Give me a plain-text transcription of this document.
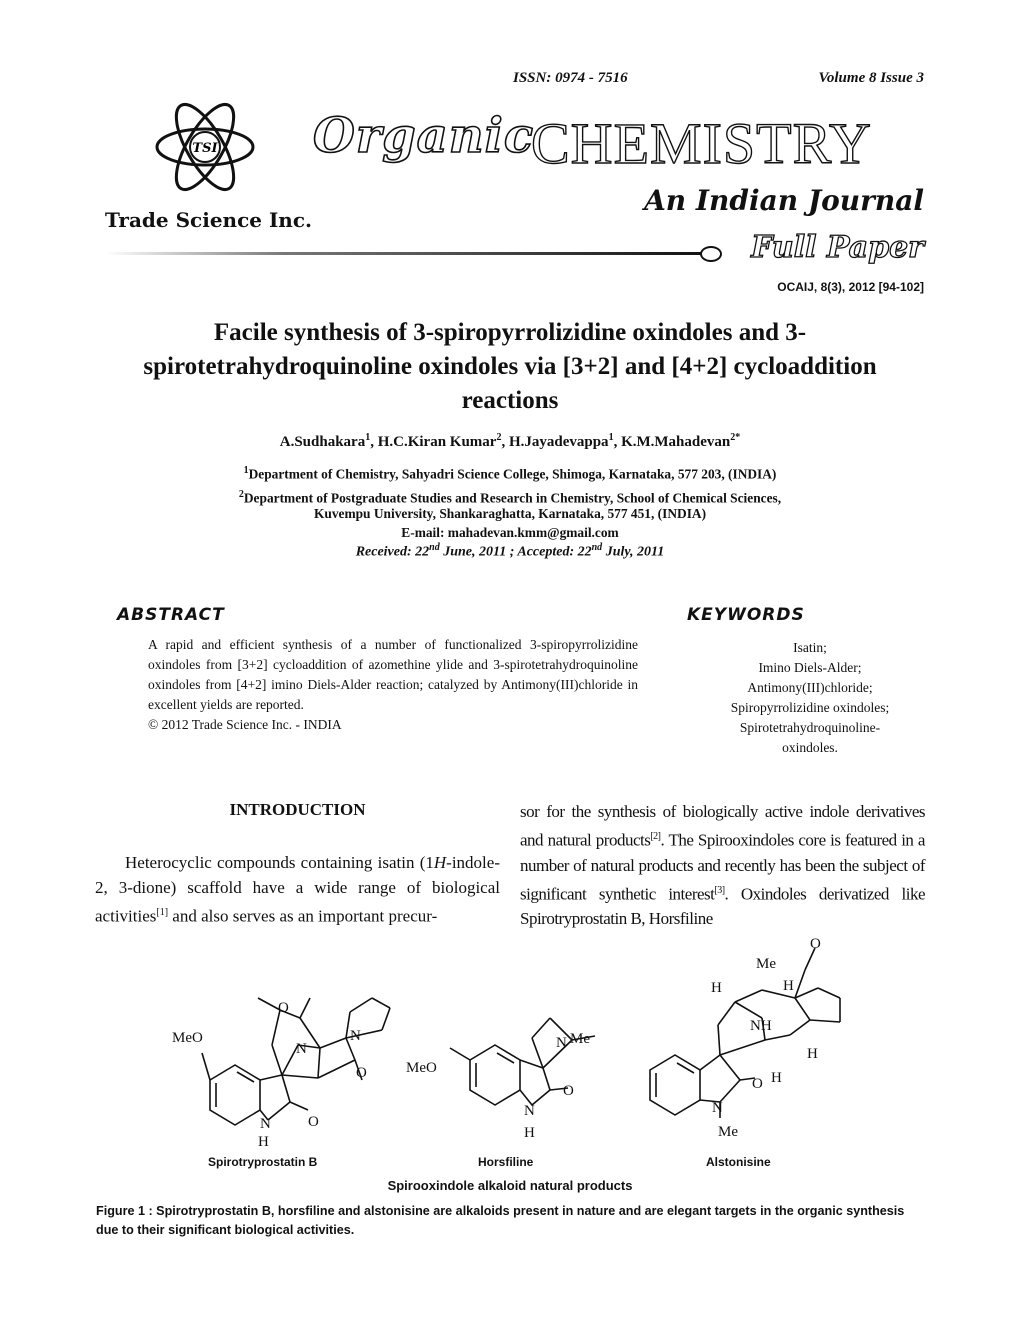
ISSN: 0974 - 7516	Volume 8 Issue 3
TSI Organic
CHEMISTRY
An Indian Journal
Trade Science Inc.
Full Paper
OCAIJ, 8(3), 2012 [94-102]
Facile synthesis of 3-spiropyrrolizidine oxindoles and 3-spirotetrahydroquinoline oxindoles via [3+2] and [4+2] cycloaddition reactions
A.Sudhakara$^1$, H.C.Kiran Kumar$^2$, H.Jayadevappa$^1$, K.M.Mahadevan$^{2*}$
$^1$Department of Chemistry, Sahyadri Science College, Shimoga, Karnataka, 577 203, (INDIA)
$^2$Department of Postgraduate Studies and Research in Chemistry, School of Chemical Sciences,
Kuvempu University, Shankaraghatta, Karnataka, 577 451, (INDIA)
E-mail: mahadevan.kmm@gmail.com
Received: 22nd June, 2011 ; Accepted: 22nd July, 2011
ABSTRACT	KEYWORDS

A rapid and efficient synthesis of a number of functionalized 3-spiropyrrolizidine oxindoles from [3+2] cycloaddition of azomethine ylide and 3-spirotetrahydroquinoline oxindoles from [4+2] imino Diels-Alder reaction; catalyzed by Antimony(III)chloride in excellent yields are reported.

© 2012 Trade Science Inc. - INDIA

Isatin;
Imino Diels-Alder;
Antimony(III)chloride;
Spiropyrrolizidine oxindoles;
Spirotetrahydroquinoline-
oxindoles.
INTRODUCTION
Heterocyclic compounds containing isatin (1H-indole-2, 3-dione) scaffold have a wide range of biological activities[1] and also serves as an important precur-
sor for the synthesis of biologically active indole derivatives and natural products[2]. The Spirooxindoles core is featured in a number of natural products and recently has been the subject of significant synthetic interest[3]. Oxindoles derivatized like Spirotryprostatin B, Horsfiline
MeO
O
N
N
O
N O
H
MeO
N Me
O
N
H
O
Me
H
H
NH
H
O H
N
Me
Spirotryprostatin B	Horsfiline	Alstonisine
Spirooxindole alkaloid natural products
Figure 1 : Spirotryprostatin B, horsfiline and alstonisine are alkaloids present in nature and are elegant targets in the organic synthesis due to their significant biological activities.
